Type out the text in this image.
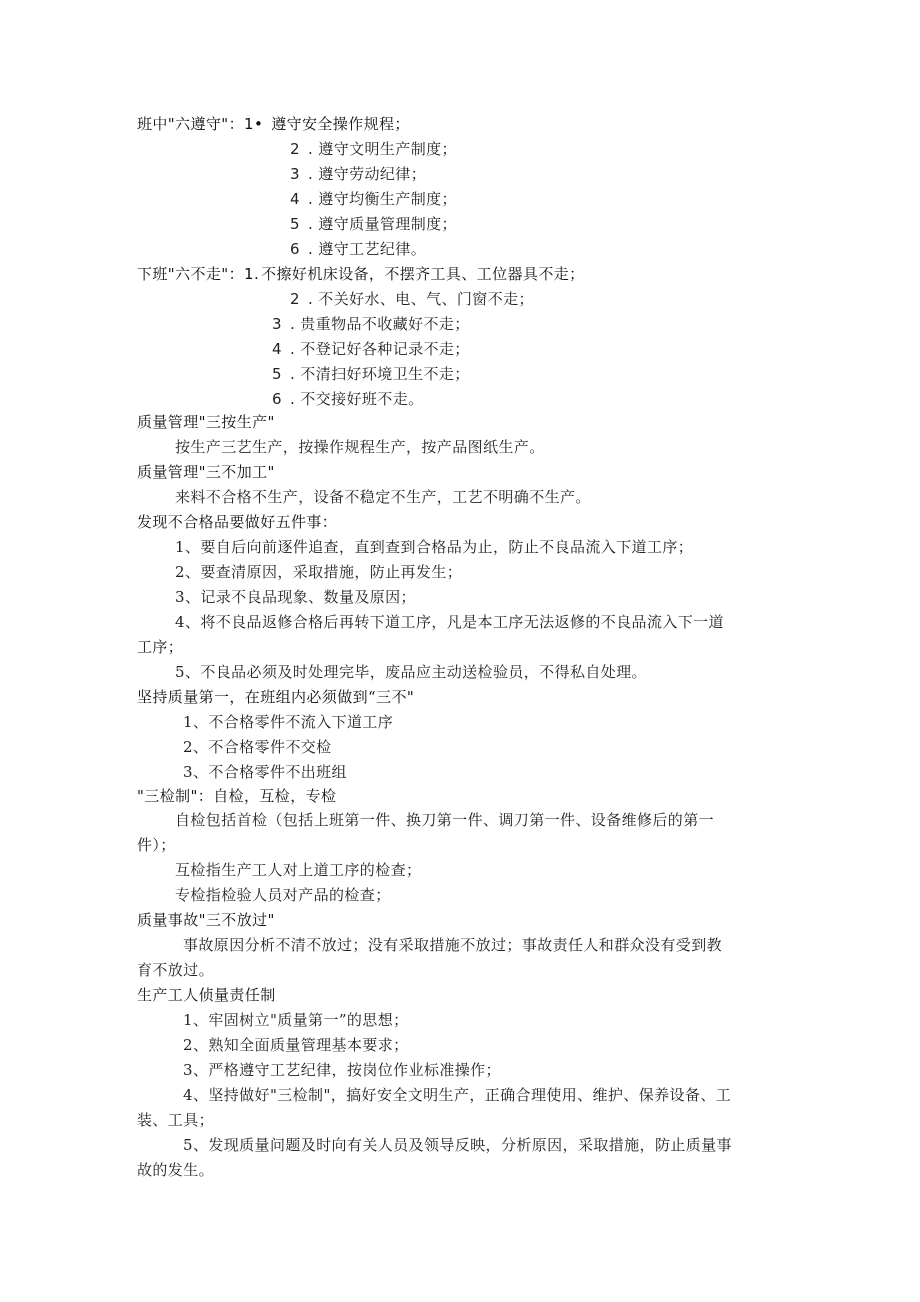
班中"六遵守"：1• 遵守安全操作规程；
2 . 遵守文明生产制度；
3 . 遵守劳动纪律；
4 . 遵守均衡生产制度；
5 . 遵守质量管理制度；
6 . 遵守工艺纪律。
下班"六不走"：1. 不擦好机床设备，不摆齐工具、工位器具不走；
2 . 不关好水、电、气、门窗不走；
3 . 贵重物品不收藏好不走；
4 . 不登记好各种记录不走；
5 . 不清扫好环境卫生不走；
6 . 不交接好班不走。
质量管理"三按生产"
按生产三艺生产，按操作规程生产，按产品图纸生产。
质量管理"三不加工"
来料不合格不生产，设备不稳定不生产，工艺不明确不生产。
发现不合格品要做好五件事：
1、要自后向前逐件追查，直到查到合格品为止，防止不良品流入下道工序；
2、要查清原因，采取措施，防止再发生；
3、记录不良品现象、数量及原因；
4、将不良品返修合格后再转下道工序，凡是本工序无法返修的不良品流入下一道
工序；
5、不良品必须及时处理完毕，废品应主动送检验员，不得私自处理。
坚持质量第一，在班组内必须做到“三不"
1、不合格零件不流入下道工序
2、不合格零件不交检
3、不合格零件不出班组
"三检制"：自检，互检，专检
自检包括首检（包括上班第一件、换刀第一件、调刀第一件、设备维修后的第一
件）；
互检指生产工人对上道工序的检查；
专检指检验人员对产品的检查；
质量事故"三不放过"
事故原因分析不清不放过；没有采取措施不放过；事故责任人和群众没有受到教
育不放过。
生产工人侦量责任制
1、牢固树立"质量第一”的思想；
2、熟知全面质量管理基本要求；
3、严格遵守工艺纪律，按岗位作业标准操作；
4、坚持做好"三检制"，搞好安全文明生产，正确合理使用、维护、保养设备、工
装、工具；
5、发现质量问题及时向有关人员及领导反映，分析原因，采取措施，防止质量事
故的发生。
